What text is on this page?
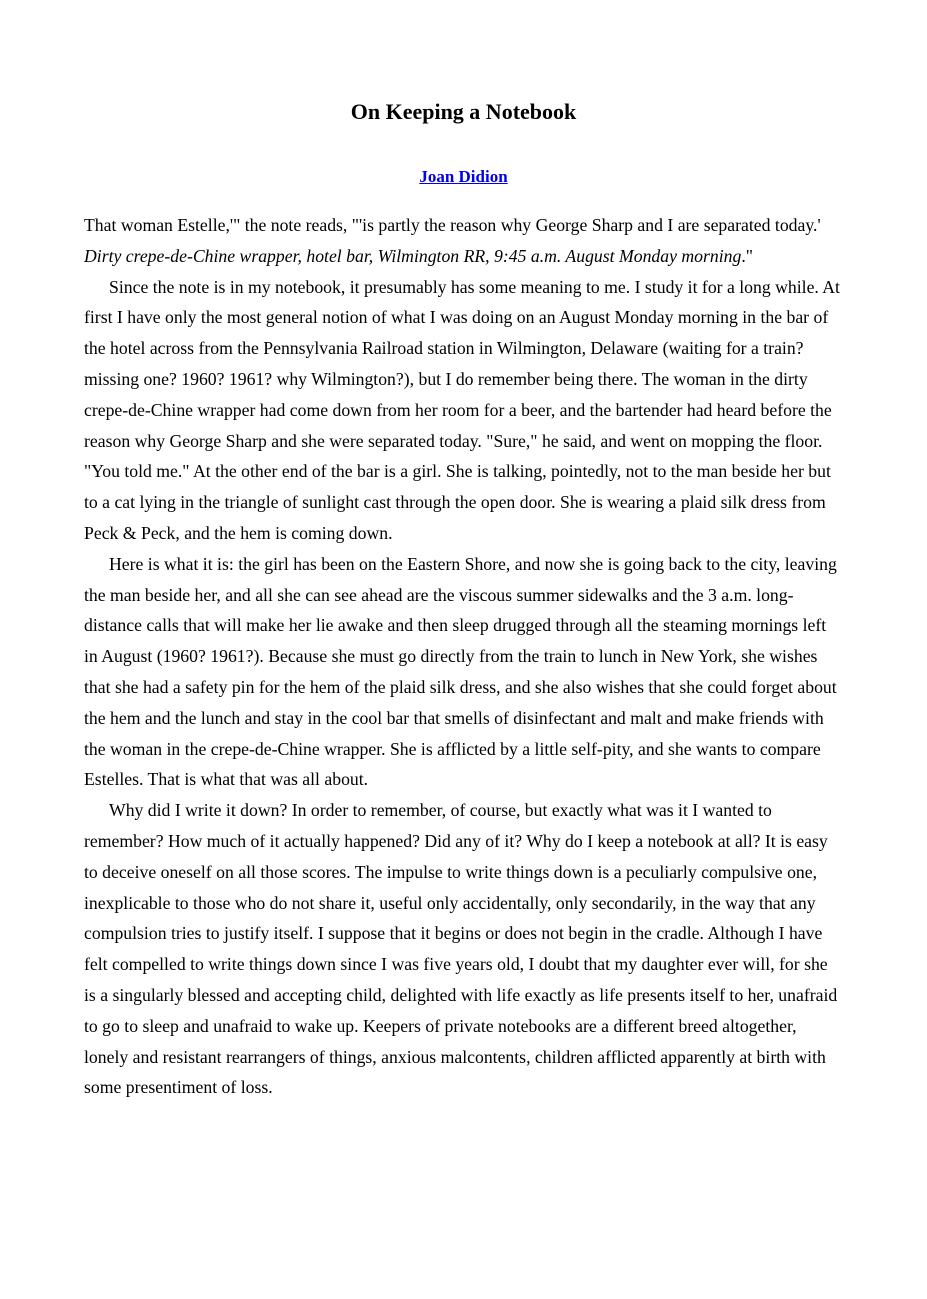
On Keeping a Notebook
Joan Didion

That woman Estelle,'" the note reads, "'is partly the reason why George Sharp and I are separated today.' Dirty crepe-de-Chine wrapper, hotel bar, Wilmington RR, 9:45 a.m. August Monday morning."

Since the note is in my notebook, it presumably has some meaning to me. I study it for a long while. At first I have only the most general notion of what I was doing on an August Monday morning in the bar of the hotel across from the Pennsylvania Railroad station in Wilmington, Delaware (waiting for a train? missing one? 1960? 1961? why Wilmington?), but I do remember being there. The woman in the dirty crepe-de-Chine wrapper had come down from her room for a beer, and the bartender had heard before the reason why George Sharp and she were separated today. "Sure," he said, and went on mopping the floor. "You told me." At the other end of the bar is a girl. She is talking, pointedly, not to the man beside her but to a cat lying in the triangle of sunlight cast through the open door. She is wearing a plaid silk dress from Peck & Peck, and the hem is coming down.

Here is what it is: the girl has been on the Eastern Shore, and now she is going back to the city, leaving the man beside her, and all she can see ahead are the viscous summer sidewalks and the 3 a.m. long-distance calls that will make her lie awake and then sleep drugged through all the steaming mornings left in August (1960? 1961?). Because she must go directly from the train to lunch in New York, she wishes that she had a safety pin for the hem of the plaid silk dress, and she also wishes that she could forget about the hem and the lunch and stay in the cool bar that smells of disinfectant and malt and make friends with the woman in the crepe-de-Chine wrapper. She is afflicted by a little self-pity, and she wants to compare Estelles. That is what that was all about.

Why did I write it down? In order to remember, of course, but exactly what was it I wanted to remember? How much of it actually happened? Did any of it? Why do I keep a notebook at all? It is easy to deceive oneself on all those scores. The impulse to write things down is a peculiarly compulsive one, inexplicable to those who do not share it, useful only accidentally, only secondarily, in the way that any compulsion tries to justify itself. I suppose that it begins or does not begin in the cradle. Although I have felt compelled to write things down since I was five years old, I doubt that my daughter ever will, for she is a singularly blessed and accepting child, delighted with life exactly as life presents itself to her, unafraid to go to sleep and unafraid to wake up. Keepers of private notebooks are a different breed altogether, lonely and resistant rearrangers of things, anxious malcontents, children afflicted apparently at birth with some presentiment of loss.
